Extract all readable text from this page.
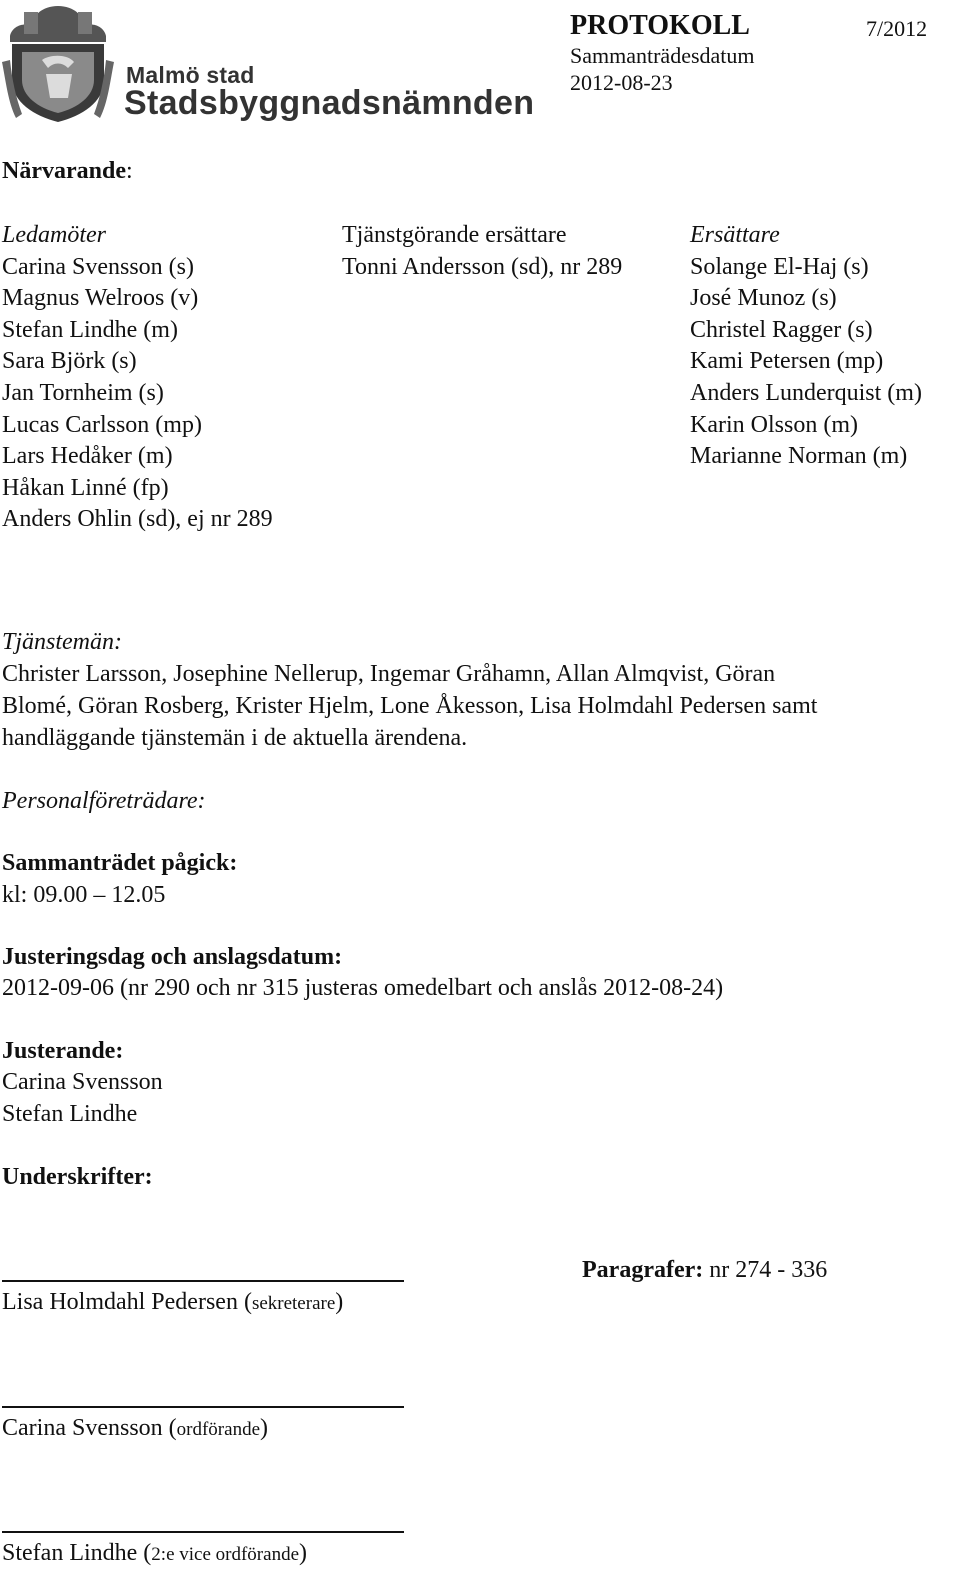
Malmö stad
Stadsbyggnadsnämnden
PROTOKOLL	7/2012
Sammanträdesdatum
2012-08-23
Närvarande:
Ledamöter
Carina Svensson (s)
Magnus Welroos (v)
Stefan Lindhe (m)
Sara Björk (s)
Jan Tornheim (s)
Lucas Carlsson (mp)
Lars Hedåker (m)
Håkan Linné (fp)
Anders Ohlin (sd), ej nr 289
Tjänstgörande ersättare
Tonni Andersson (sd), nr 289
Ersättare
Solange El-Haj (s)
José Munoz (s)
Christel Ragger (s)
Kami Petersen (mp)
Anders Lunderquist (m)
Karin Olsson (m)
Marianne Norman (m)
Tjänstemän:
Christer Larsson, Josephine Nellerup, Ingemar Gråhamn, Allan Almqvist, Göran
Blomé, Göran Rosberg, Krister Hjelm, Lone Åkesson, Lisa Holmdahl Pedersen samt
handläggande tjänstemän i de aktuella ärendena.
Personalföreträdare:
Sammanträdet pågick:
kl: 09.00 – 12.05
Justeringsdag och anslagsdatum:
2012-09-06 (nr 290 och nr 315 justeras omedelbart och anslås 2012-08-24)
Justerande:
Carina Svensson
Stefan Lindhe
Underskrifter:
Lisa Holmdahl Pedersen (sekreterare)
Paragrafer: nr 274 - 336
Carina Svensson (ordförande)
Stefan Lindhe (2:e vice ordförande)
